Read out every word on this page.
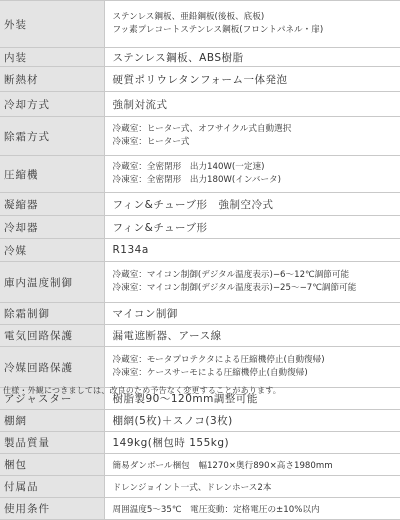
外装	ステンレス鋼板、亜鉛鋼板(後板、底板)
フッ素プレコートステンレス鋼板(フロントパネル・扉)

内装	ステンレス鋼板、ABS樹脂
断熱材	硬質ポリウレタンフォーム一体発泡
冷却方式	強制対流式
除霜方式	冷蔵室：ヒーター式、オフサイクル式自動選択
冷凍室：ヒーター式

圧縮機	冷蔵室：全密閉形　出力140W(一定速)
冷凍室：全密閉形　出力180W(インバータ)

凝縮器	フィン&チューブ形　強制空冷式
冷却器	フィン&チューブ形
冷媒	R134a
庫内温度制御	冷蔵室：マイコン制御(デジタル温度表示)−6〜12℃調節可能
冷凍室：マイコン制御(デジタル温度表示)−25〜−7℃調節可能

除霜制御	マイコン制御
電気回路保護	漏電遮断器、アース線
冷媒回路保護	冷蔵室：モータプロテクタによる圧縮機停止(自動復帰)
冷凍室：ケースサーモによる圧縮機停止(自動復帰)

アジャスター	樹脂製90〜120mm調整可能
棚網	棚網(5枚)＋スノコ(3枚)
製品質量	149kg(梱包時 155kg)
梱包	簡易ダンボール梱包　幅1270×奥行890×高さ1980mm
付属品	ドレンジョイント一式、ドレンホース2本
使用条件	周囲温度5〜35℃　電圧変動：定格電圧の±10%以内
仕様・外観につきましては、改良のため予告なく変更することがあります。
